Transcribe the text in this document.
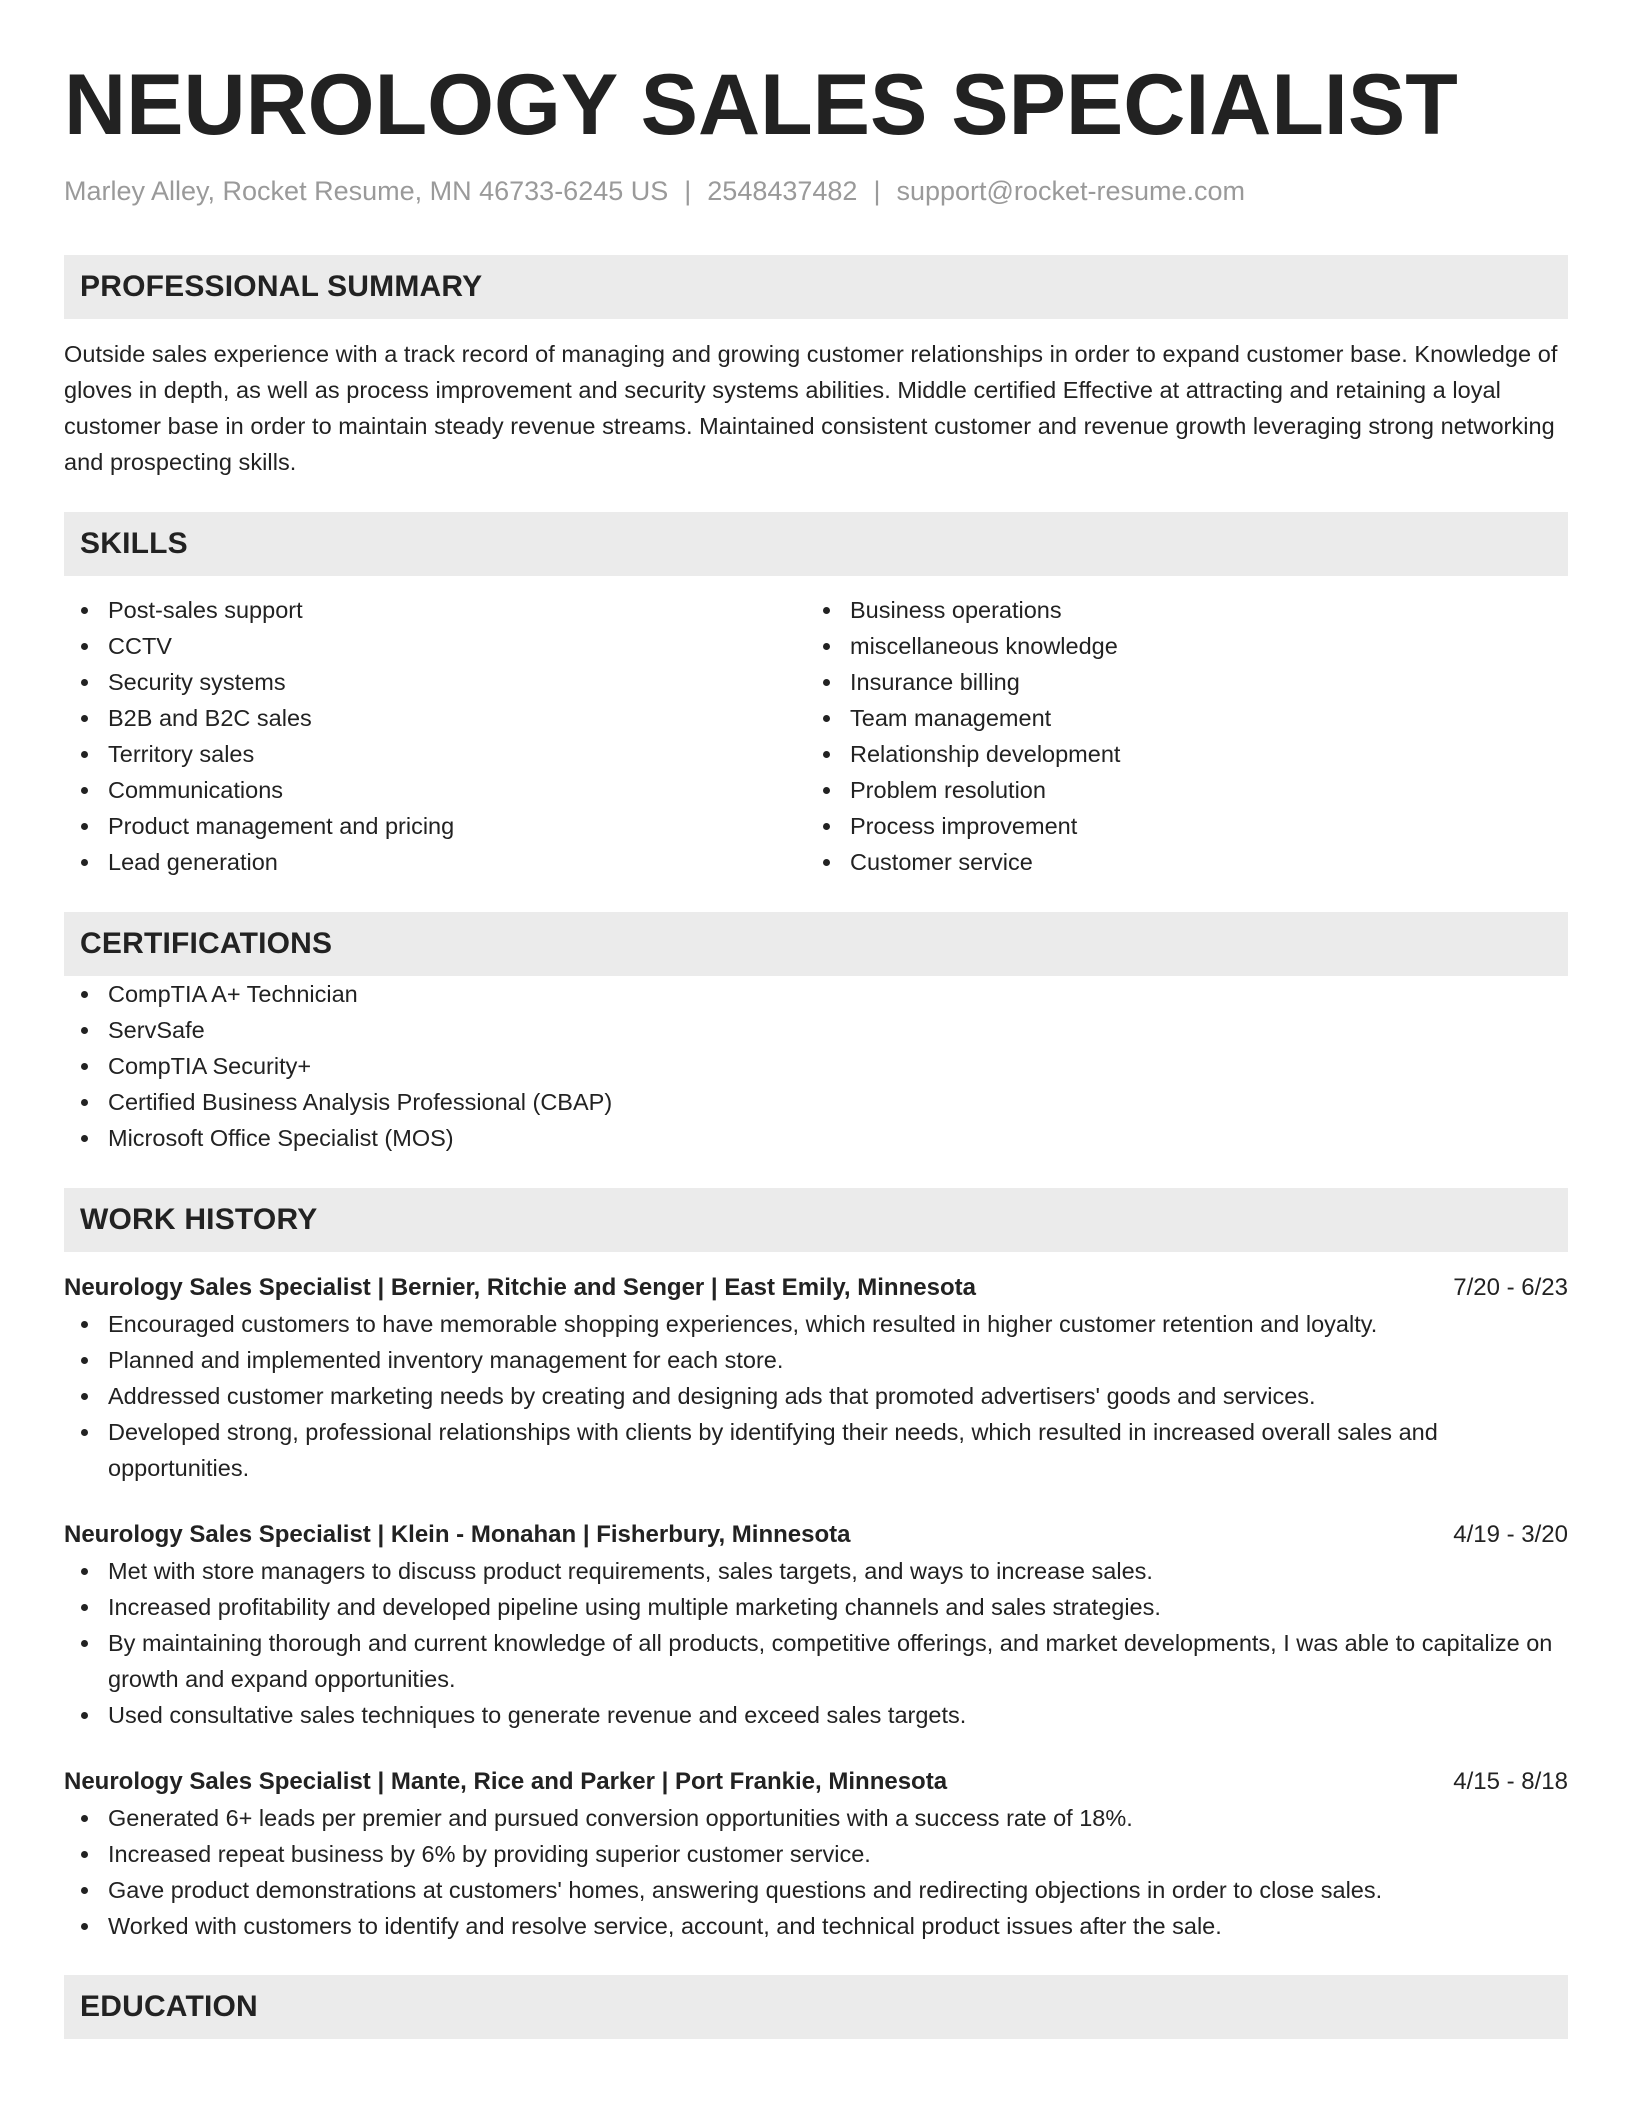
NEUROLOGY SALES SPECIALIST
Marley Alley, Rocket Resume, MN 46733-6245 US | 2548437482 | support@rocket-resume.com
PROFESSIONAL SUMMARY
Outside sales experience with a track record of managing and growing customer relationships in order to expand customer base. Knowledge of gloves in depth, as well as process improvement and security systems abilities. Middle certified Effective at attracting and retaining a loyal customer base in order to maintain steady revenue streams. Maintained consistent customer and revenue growth leveraging strong networking and prospecting skills.
SKILLS
Post-sales support
CCTV
Security systems
B2B and B2C sales
Territory sales
Communications
Product management and pricing
Lead generation
Business operations
miscellaneous knowledge
Insurance billing
Team management
Relationship development
Problem resolution
Process improvement
Customer service
CERTIFICATIONS
CompTIA A+ Technician
ServSafe
CompTIA Security+
Certified Business Analysis Professional (CBAP)
Microsoft Office Specialist (MOS)
WORK HISTORY
Neurology Sales Specialist | Bernier, Ritchie and Senger | East Emily, Minnesota	7/20 - 6/23
Encouraged customers to have memorable shopping experiences, which resulted in higher customer retention and loyalty.
Planned and implemented inventory management for each store.
Addressed customer marketing needs by creating and designing ads that promoted advertisers' goods and services.
Developed strong, professional relationships with clients by identifying their needs, which resulted in increased overall sales and opportunities.
Neurology Sales Specialist | Klein - Monahan | Fisherbury, Minnesota	4/19 - 3/20
Met with store managers to discuss product requirements, sales targets, and ways to increase sales.
Increased profitability and developed pipeline using multiple marketing channels and sales strategies.
By maintaining thorough and current knowledge of all products, competitive offerings, and market developments, I was able to capitalize on growth and expand opportunities.
Used consultative sales techniques to generate revenue and exceed sales targets.
Neurology Sales Specialist | Mante, Rice and Parker | Port Frankie, Minnesota	4/15 - 8/18
Generated 6+ leads per premier and pursued conversion opportunities with a success rate of 18%.
Increased repeat business by 6% by providing superior customer service.
Gave product demonstrations at customers' homes, answering questions and redirecting objections in order to close sales.
Worked with customers to identify and resolve service, account, and technical product issues after the sale.
EDUCATION
